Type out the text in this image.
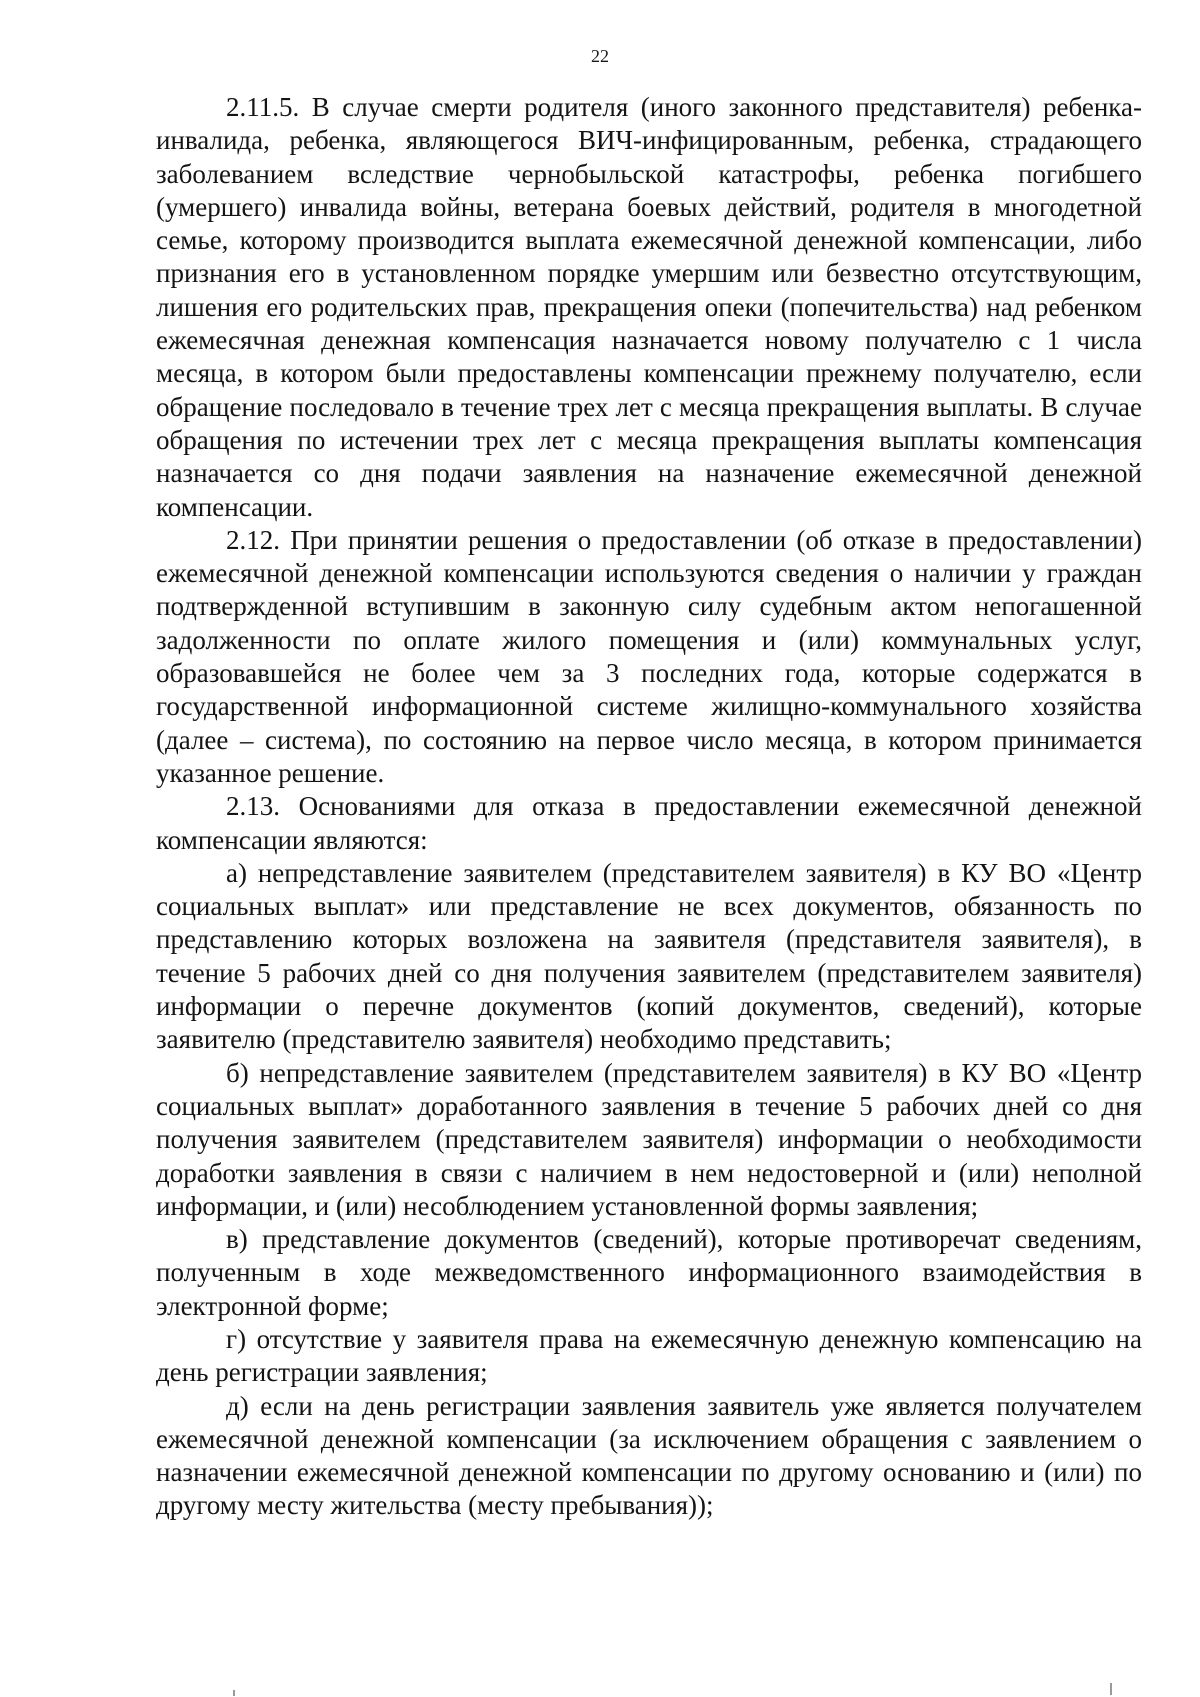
22

2.11.5. В случае смерти родителя (иного законного представителя) ребенка-инвалида, ребенка, являющегося ВИЧ-инфицированным, ребенка, страдающего заболеванием вследствие чернобыльской катастрофы, ребенка погибшего (умершего) инвалида войны, ветерана боевых действий, родителя в многодетной семье, которому производится выплата ежемесячной денежной компенсации, либо признания его в установленном порядке умершим или безвестно отсутствующим, лишения его родительских прав, прекращения опеки (попечительства) над ребенком ежемесячная денежная компенсация назначается новому получателю с 1 числа месяца, в котором были предоставлены компенсации прежнему получателю, если обращение последовало в течение трех лет с месяца прекращения выплаты. В случае обращения по истечении трех лет с месяца прекращения выплаты компенсация назначается со дня подачи заявления на назначение ежемесячной денежной компенсации.

2.12. При принятии решения о предоставлении (об отказе в предоставлении) ежемесячной денежной компенсации используются сведения о наличии у граждан подтвержденной вступившим в законную силу судебным актом непогашенной задолженности по оплате жилого помещения и (или) коммунальных услуг, образовавшейся не более чем за 3 последних года, которые содержатся в государственной информационной системе жилищно-коммунального хозяйства (далее – система), по состоянию на первое число месяца, в котором принимается указанное решение.

2.13. Основаниями для отказа в предоставлении ежемесячной денежной компенсации являются:

а) непредставление заявителем (представителем заявителя) в КУ ВО «Центр социальных выплат» или представление не всех документов, обязанность по представлению которых возложена на заявителя (представителя заявителя), в течение 5 рабочих дней со дня получения заявителем (представителем заявителя) информации о перечне документов (копий документов, сведений), которые заявителю (представителю заявителя) необходимо представить;

б) непредставление заявителем (представителем заявителя) в КУ ВО «Центр социальных выплат» доработанного заявления в течение 5 рабочих дней со дня получения заявителем (представителем заявителя) информации о необходимости доработки заявления в связи с наличием в нем недостоверной и (или) неполной информации, и (или) несоблюдением установленной формы заявления;

в) представление документов (сведений), которые противоречат сведениям, полученным в ходе межведомственного информационного взаимодействия в электронной форме;

г) отсутствие у заявителя права на ежемесячную денежную компенсацию на день регистрации заявления;

д) если на день регистрации заявления заявитель уже является получателем ежемесячной денежной компенсации (за исключением обращения с заявлением о назначении ежемесячной денежной компенсации по другому основанию и (или) по другому месту жительства (месту пребывания));
